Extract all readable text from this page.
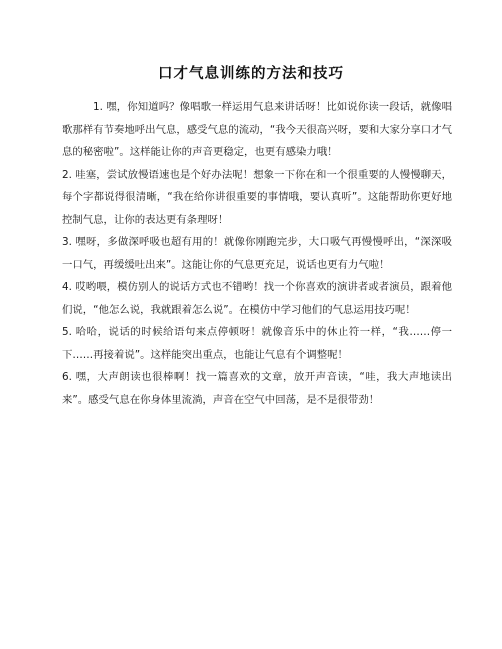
口才气息训练的方法和技巧

1. 嘿，你知道吗？像唱歌一样运用气息来讲话呀！比如说你读一段话，就像唱歌那样有节奏地呼出气息，感受气息的流动，“我今天很高兴呀，要和大家分享口才气息的秘密啦”。这样能让你的声音更稳定，也更有感染力哦！

2. 哇塞，尝试放慢语速也是个好办法呢！想象一下你在和一个很重要的人慢慢聊天，每个字都说得很清晰，“我在给你讲很重要的事情哦，要认真听”。这能帮助你更好地控制气息，让你的表达更有条理呀！

3. 嘿呀，多做深呼吸也超有用的！就像你刚跑完步，大口吸气再慢慢呼出，“深深吸一口气，再缓缓吐出来”。这能让你的气息更充足，说话也更有力气啦！

4. 哎哟喂，模仿别人的说话方式也不错哟！找一个你喜欢的演讲者或者演员，跟着他们说，“他怎么说，我就跟着怎么说”。在模仿中学习他们的气息运用技巧呢！

5. 哈哈，说话的时候给语句来点停顿呀！就像音乐中的休止符一样，“我……停一下……再接着说”。这样能突出重点，也能让气息有个调整呢！

6. 嘿，大声朗读也很棒啊！找一篇喜欢的文章，放开声音读，“哇，我大声地读出来”。感受气息在你身体里流淌，声音在空气中回荡，是不是很带劲！
